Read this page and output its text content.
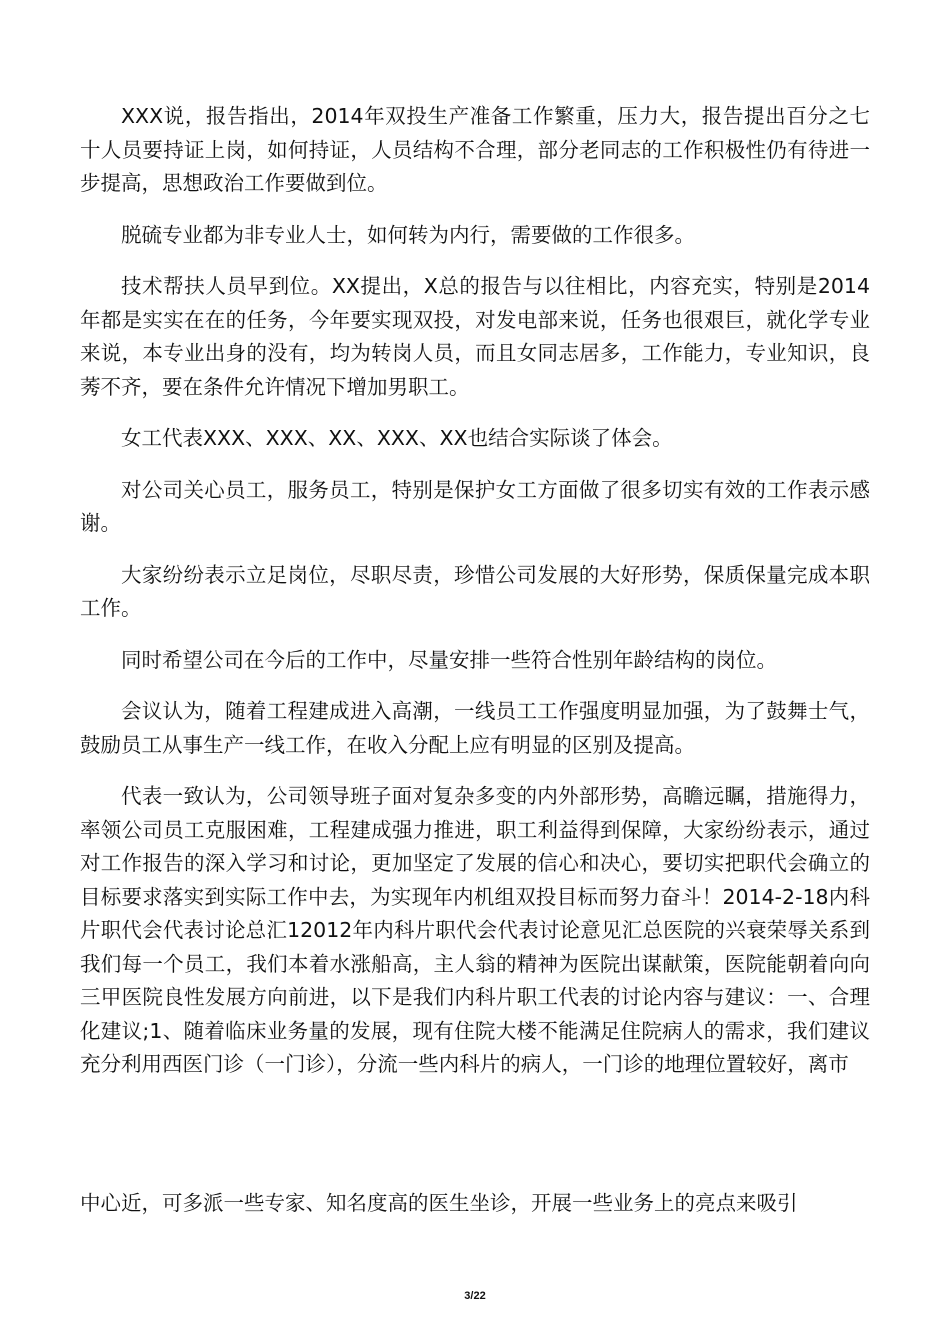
XXX说，报告指出，2014年双投生产准备工作繁重，压力大，报告提出百分之七十人员要持证上岗，如何持证，人员结构不合理，部分老同志的工作积极性仍有待进一步提高，思想政治工作要做到位。

脱硫专业都为非专业人士，如何转为内行，需要做的工作很多。

技术帮扶人员早到位。XX提出，X总的报告与以往相比，内容充实，特别是2014年都是实实在在的任务，今年要实现双投，对发电部来说，任务也很艰巨，就化学专业来说，本专业出身的没有，均为转岗人员，而且女同志居多，工作能力，专业知识，良莠不齐，要在条件允许情况下增加男职工。

女工代表XXX、XXX、XX、XXX、XX也结合实际谈了体会。

对公司关心员工，服务员工，特别是保护女工方面做了很多切实有效的工作表示感谢。

大家纷纷表示立足岗位，尽职尽责，珍惜公司发展的大好形势，保质保量完成本职工作。

同时希望公司在今后的工作中，尽量安排一些符合性别年龄结构的岗位。

会议认为，随着工程建成进入高潮，一线员工工作强度明显加强，为了鼓舞士气，鼓励员工从事生产一线工作，在收入分配上应有明显的区别及提高。

代表一致认为，公司领导班子面对复杂多变的内外部形势，高瞻远瞩，措施得力，率领公司员工克服困难，工程建成强力推进，职工利益得到保障，大家纷纷表示，通过对工作报告的深入学习和讨论，更加坚定了发展的信心和决心，要切实把职代会确立的目标要求落实到实际工作中去，为实现年内机组双投目标而努力奋斗！2014-2-18内科片职代会代表讨论总汇12012年内科片职代会代表讨论意见汇总医院的兴衰荣辱关系到我们每一个员工，我们本着水涨船高，主人翁的精神为医院出谋献策，医院能朝着向向三甲医院良性发展方向前进，以下是我们内科片职工代表的讨论内容与建议：一、合理化建议;1、随着临床业务量的发展，现有住院大楼不能满足住院病人的需求，我们建议充分利用西医门诊（一门诊），分流一些内科片的病人，一门诊的地理位置较好，离市

中心近，可多派一些专家、知名度高的医生坐诊，开展一些业务上的亮点来吸引

3/22
